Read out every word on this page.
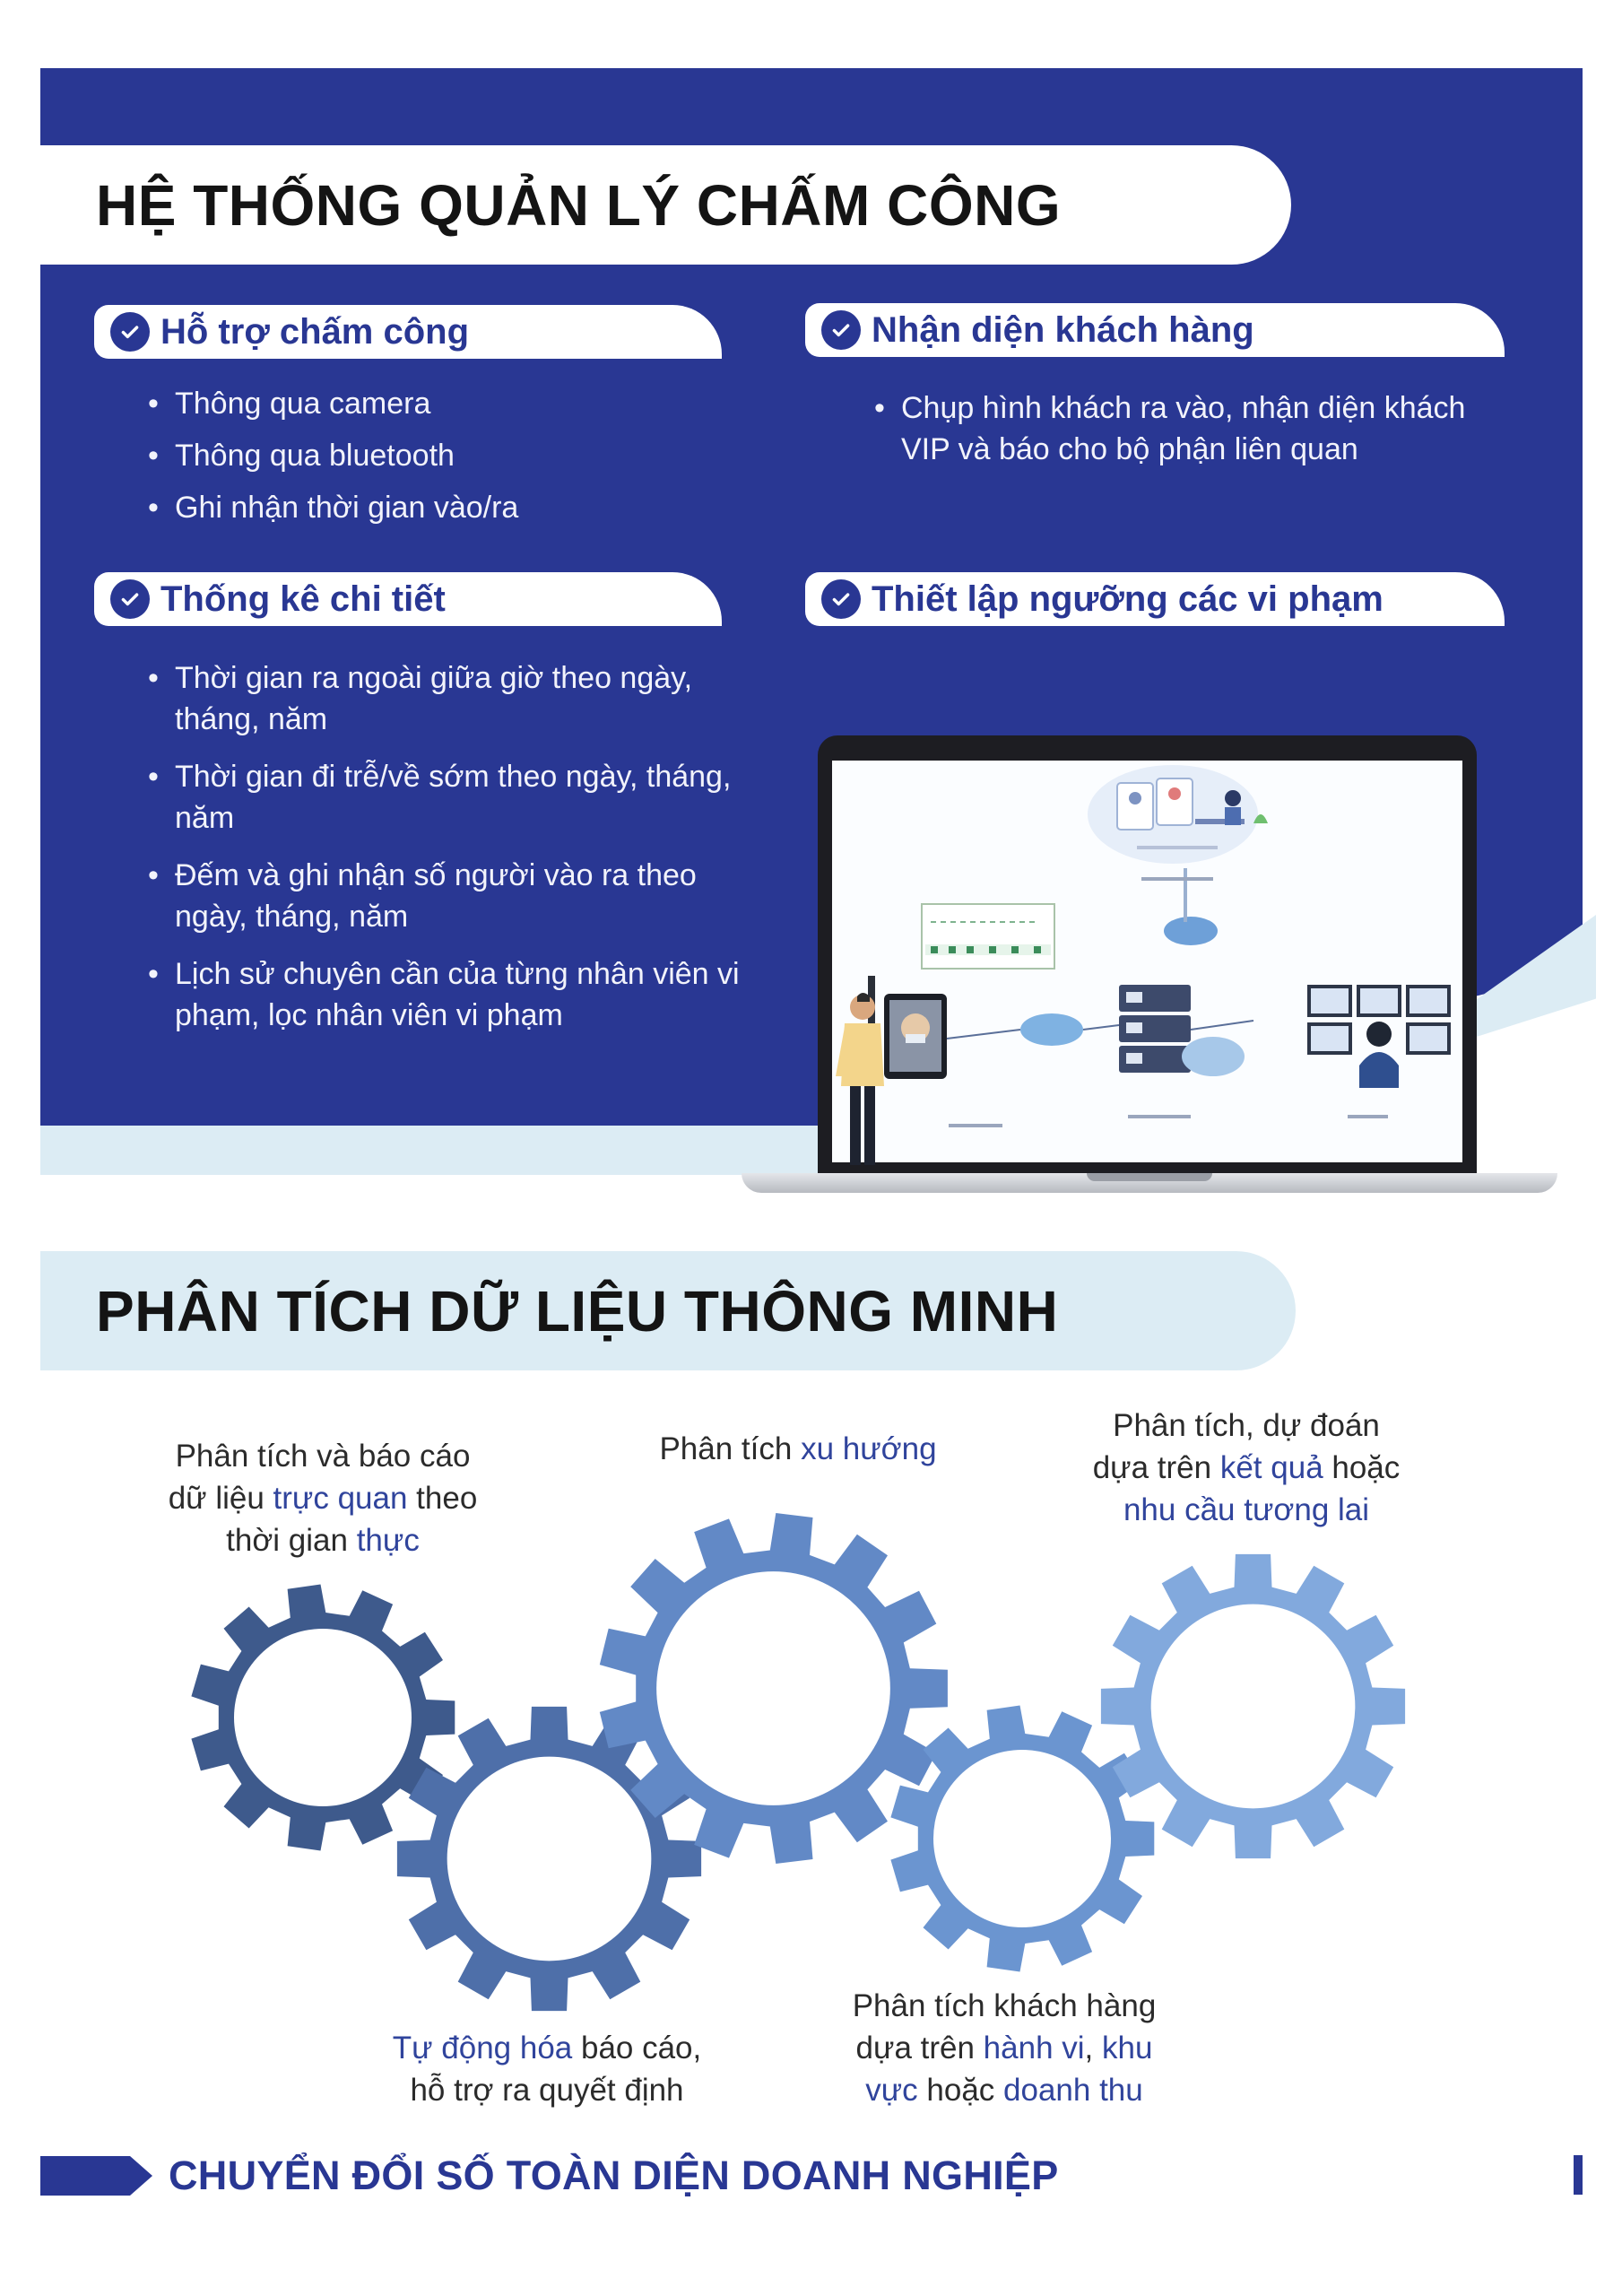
HỆ THỐNG QUẢN LÝ CHẤM CÔNG
Hỗ trợ chấm công
• Thông qua camera
• Thông qua bluetooth
• Ghi nhận thời gian vào/ra
Nhận diện khách hàng
• Chụp hình khách ra vào, nhận diện khách VIP và báo cho bộ phận liên quan
Thống kê chi tiết
• Thời gian ra ngoài giữa giờ theo ngày, tháng, năm
• Thời gian đi trễ/về sớm theo ngày, tháng, năm
• Đếm và ghi nhận số người vào ra theo ngày, tháng, năm
• Lịch sử chuyên cần của từng nhân viên vi phạm, lọc nhân viên vi phạm
Thiết lập ngưỡng các vi phạm
PHÂN TÍCH DỮ LIỆU THÔNG MINH
Phân tích và báo cáo
dữ liệu trực quan theo
thời gian thực
Phân tích xu hướng
Phân tích, dự đoán
dựa trên kết quả hoặc
nhu cầu tương lai
Tự động hóa báo cáo,
hỗ trợ ra quyết định
Phân tích khách hàng
dựa trên hành vi, khu
vực hoặc doanh thu
CHUYỂN ĐỔI SỐ TOÀN DIỆN DOANH NGHIỆP
